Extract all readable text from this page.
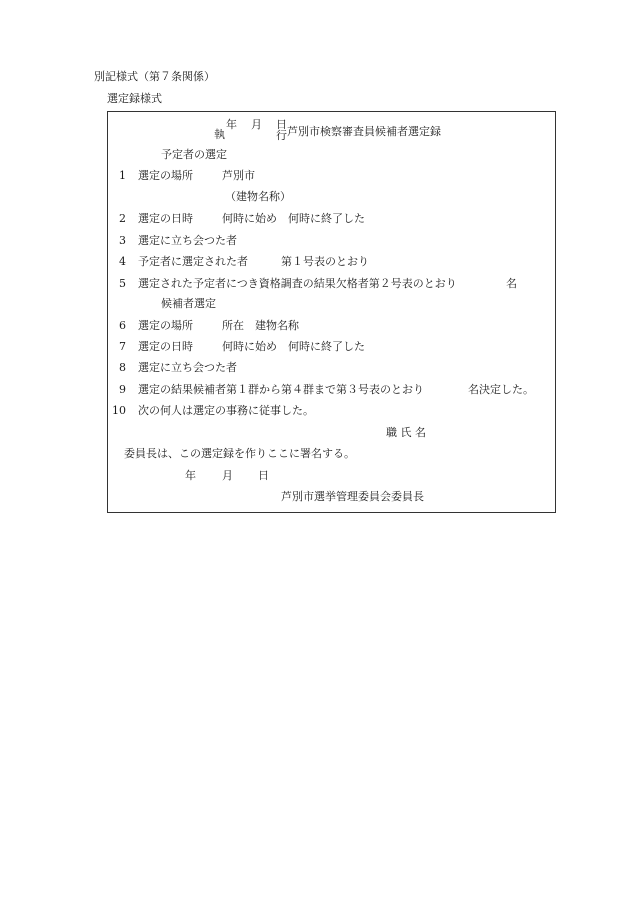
別記様式（第７条関係）
選定録様式
年 月 日
執	行 芦別市検察審査員候補者選定録
予定者の選定
1 選定の場所	芦別市
（建物名称）
2 選定の日時	何時に始め　何時に終了した
3 選定に立ち会つた者
4 予定者に選定された者	第１号表のとおり
5 選定された予定者につき資格調査の結果欠格者第２号表のとおり	名
候補者選定
6 選定の場所	所在　建物名称
7 選定の日時	何時に始め　何時に終了した
8 選定に立ち会つた者
9 選定の結果候補者第１群から第４群まで第３号表のとおり	名決定した。
10 次の何人は選定の事務に従事した。
職 氏 名
委員長は、この選定録を作りここに署名する。
年 月 日
芦別市選挙管理委員会委員長
